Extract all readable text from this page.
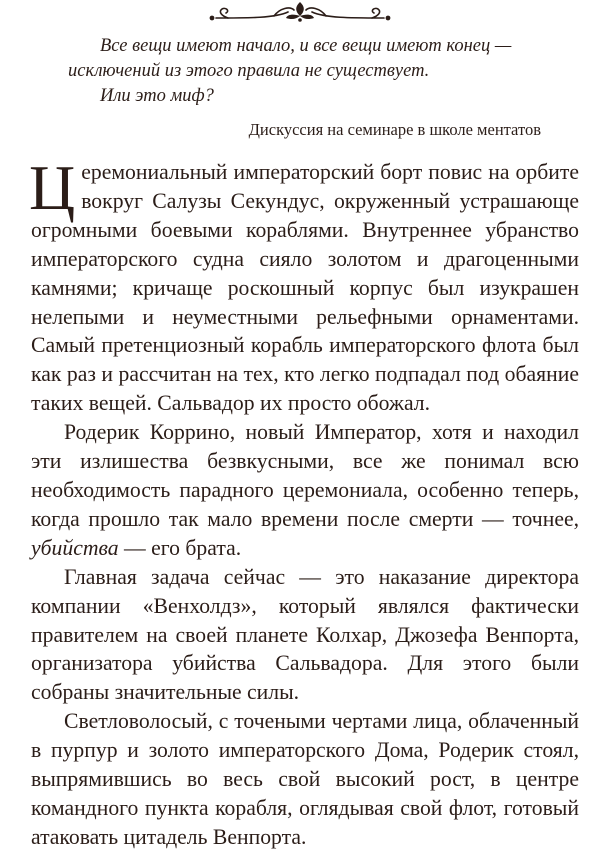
Все вещи имеют начало, и все вещи имеют конец —
исключений из этого правила не существует.
Или это миф?
Дискуссия на семинаре в школе ментатов

Церемониальный императорский борт повис на орбите вокруг Салузы Секундус, окруженный устрашающе огромными боевыми кораблями. Внутреннее убранство императорского судна сияло золотом и драгоценными камнями; кричаще роскошный корпус был изукрашен нелепыми и неуместными рельефными орнаментами. Самый претенциозный корабль императорского флота был как раз и рассчитан на тех, кто легко подпадал под обаяние таких вещей. Сальвадор их просто обожал.

Родерик Коррино, новый Император, хотя и находил эти излишества безвкусными, все же понимал всю необходимость парадного церемониала, особенно теперь, когда прошло так мало времени после смерти — точнее, убийства — его брата.

Главная задача сейчас — это наказание директора компании «Венхолдз», который являлся фактически правителем на своей планете Колхар, Джозефа Венпорта, организатора убийства Сальвадора. Для этого были собраны значительные силы.

Светловолосый, с точеными чертами лица, облаченный в пурпур и золото императорского Дома, Родерик стоял, выпрямившись во весь свой высокий рост, в центре командного пункта корабля, оглядывая свой флот, готовый атаковать цитадель Венпорта.
